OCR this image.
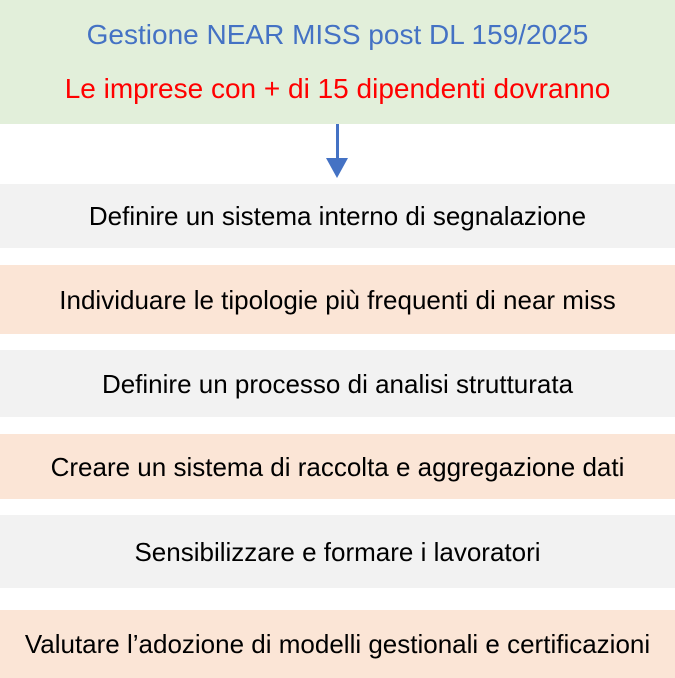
Gestione NEAR MISS post DL 159/2025
Le imprese con + di 15 dipendenti dovranno
Definire un sistema interno di segnalazione
Individuare le tipologie più frequenti di near miss
Definire un processo di analisi strutturata
Creare un sistema di raccolta e aggregazione dati
Sensibilizzare e formare i lavoratori
Valutare l’adozione di modelli gestionali e certificazioni
